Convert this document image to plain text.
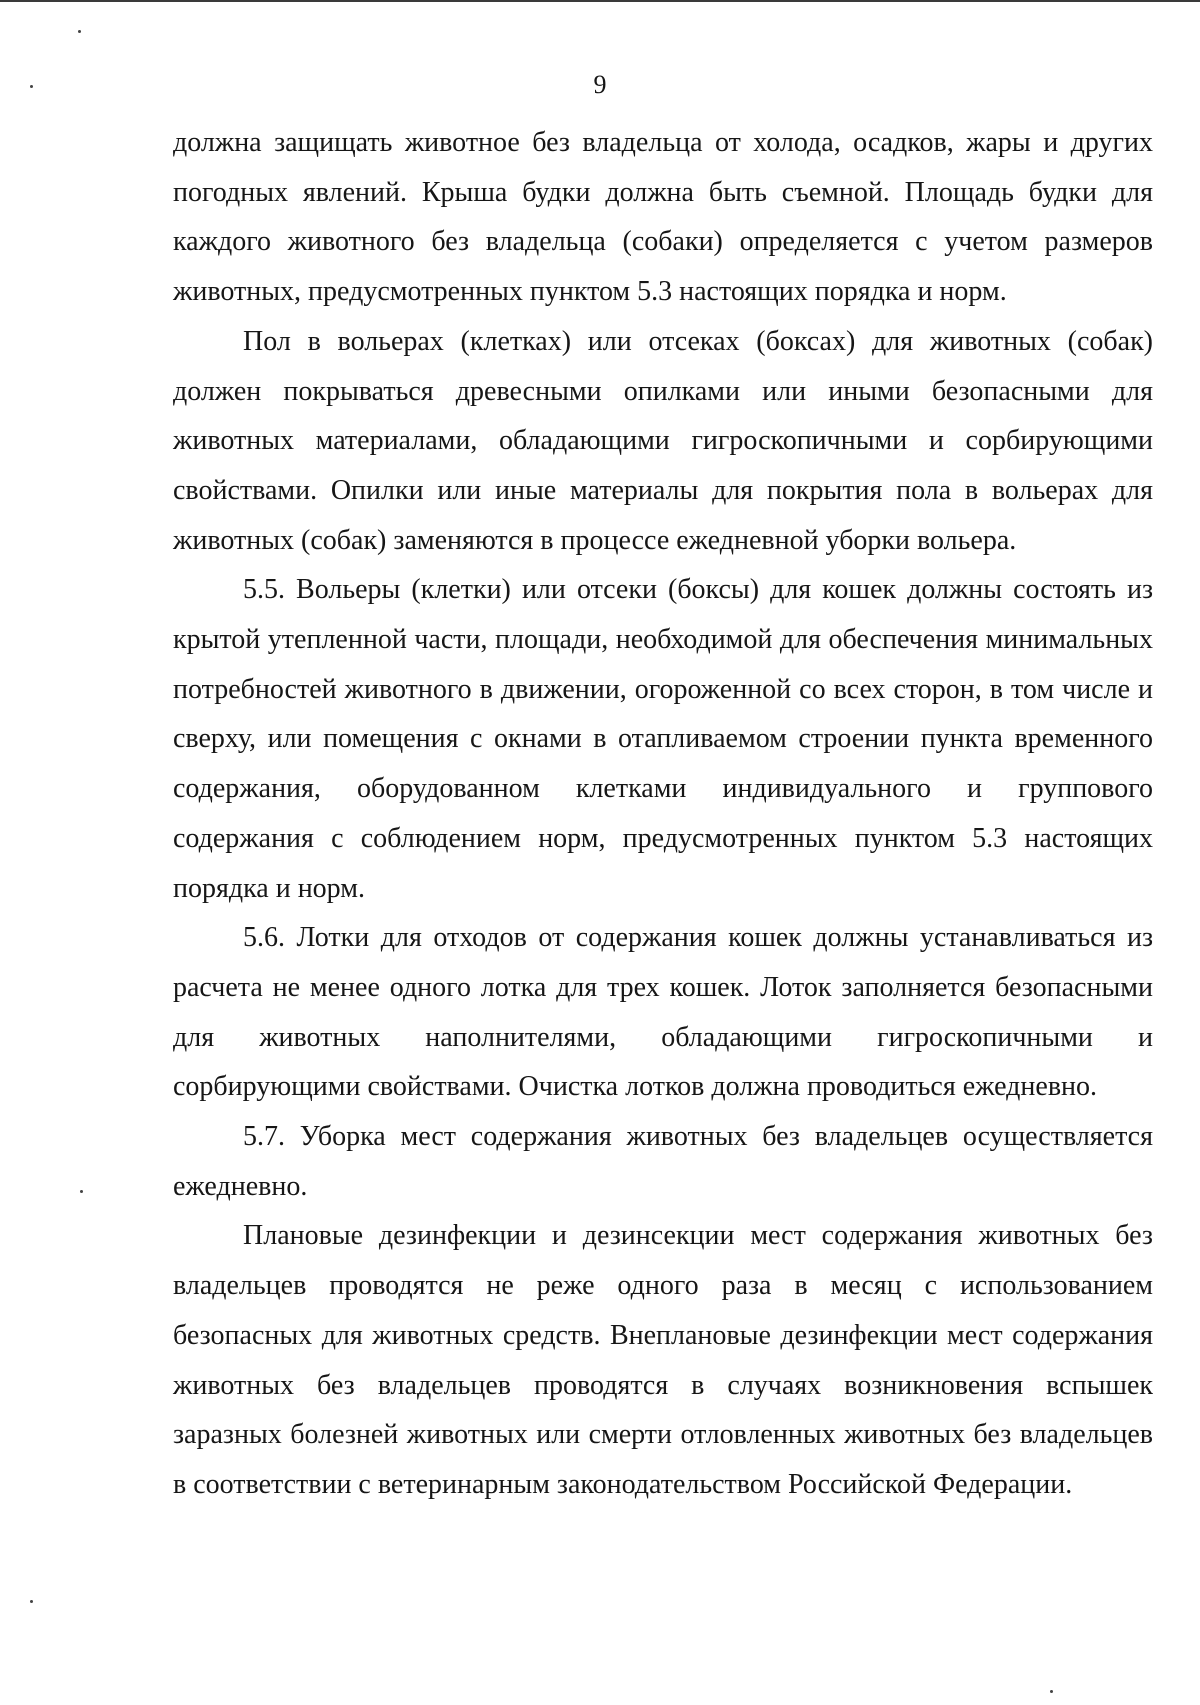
9

должна защищать животное без владельца от холода, осадков, жары и других погодных явлений. Крыша будки должна быть съемной. Площадь будки для каждого животного без владельца (собаки) определяется с учетом размеров животных, предусмотренных пунктом 5.3 настоящих порядка и норм.

Пол в вольерах (клетках) или отсеках (боксах) для животных (собак) должен покрываться древесными опилками или иными безопасными для животных материалами, обладающими гигроскопичными и сорбирующими свойствами. Опилки или иные материалы для покрытия пола в вольерах для животных (собак) заменяются в процессе ежедневной уборки вольера.

5.5. Вольеры (клетки) или отсеки (боксы) для кошек должны состоять из крытой утепленной части, площади, необходимой для обеспечения минимальных потребностей животного в движении, огороженной со всех сторон, в том числе и сверху, или помещения с окнами в отапливаемом строении пункта временного содержания, оборудованном клетками индивидуального и группового содержания с соблюдением норм, предусмотренных пунктом 5.3 настоящих порядка и норм.

5.6. Лотки для отходов от содержания кошек должны устанавливаться из расчета не менее одного лотка для трех кошек. Лоток заполняется безопасными для животных наполнителями, обладающими гигроскопичными и сорбирующими свойствами. Очистка лотков должна проводиться ежедневно.

5.7. Уборка мест содержания животных без владельцев осуществляется ежедневно.

Плановые дезинфекции и дезинсекции мест содержания животных без владельцев проводятся не реже одного раза в месяц с использованием безопасных для животных средств. Внеплановые дезинфекции мест содержания животных без владельцев проводятся в случаях возникновения вспышек заразных болезней животных или смерти отловленных животных без владельцев в соответствии с ветеринарным законодательством Российской Федерации.
